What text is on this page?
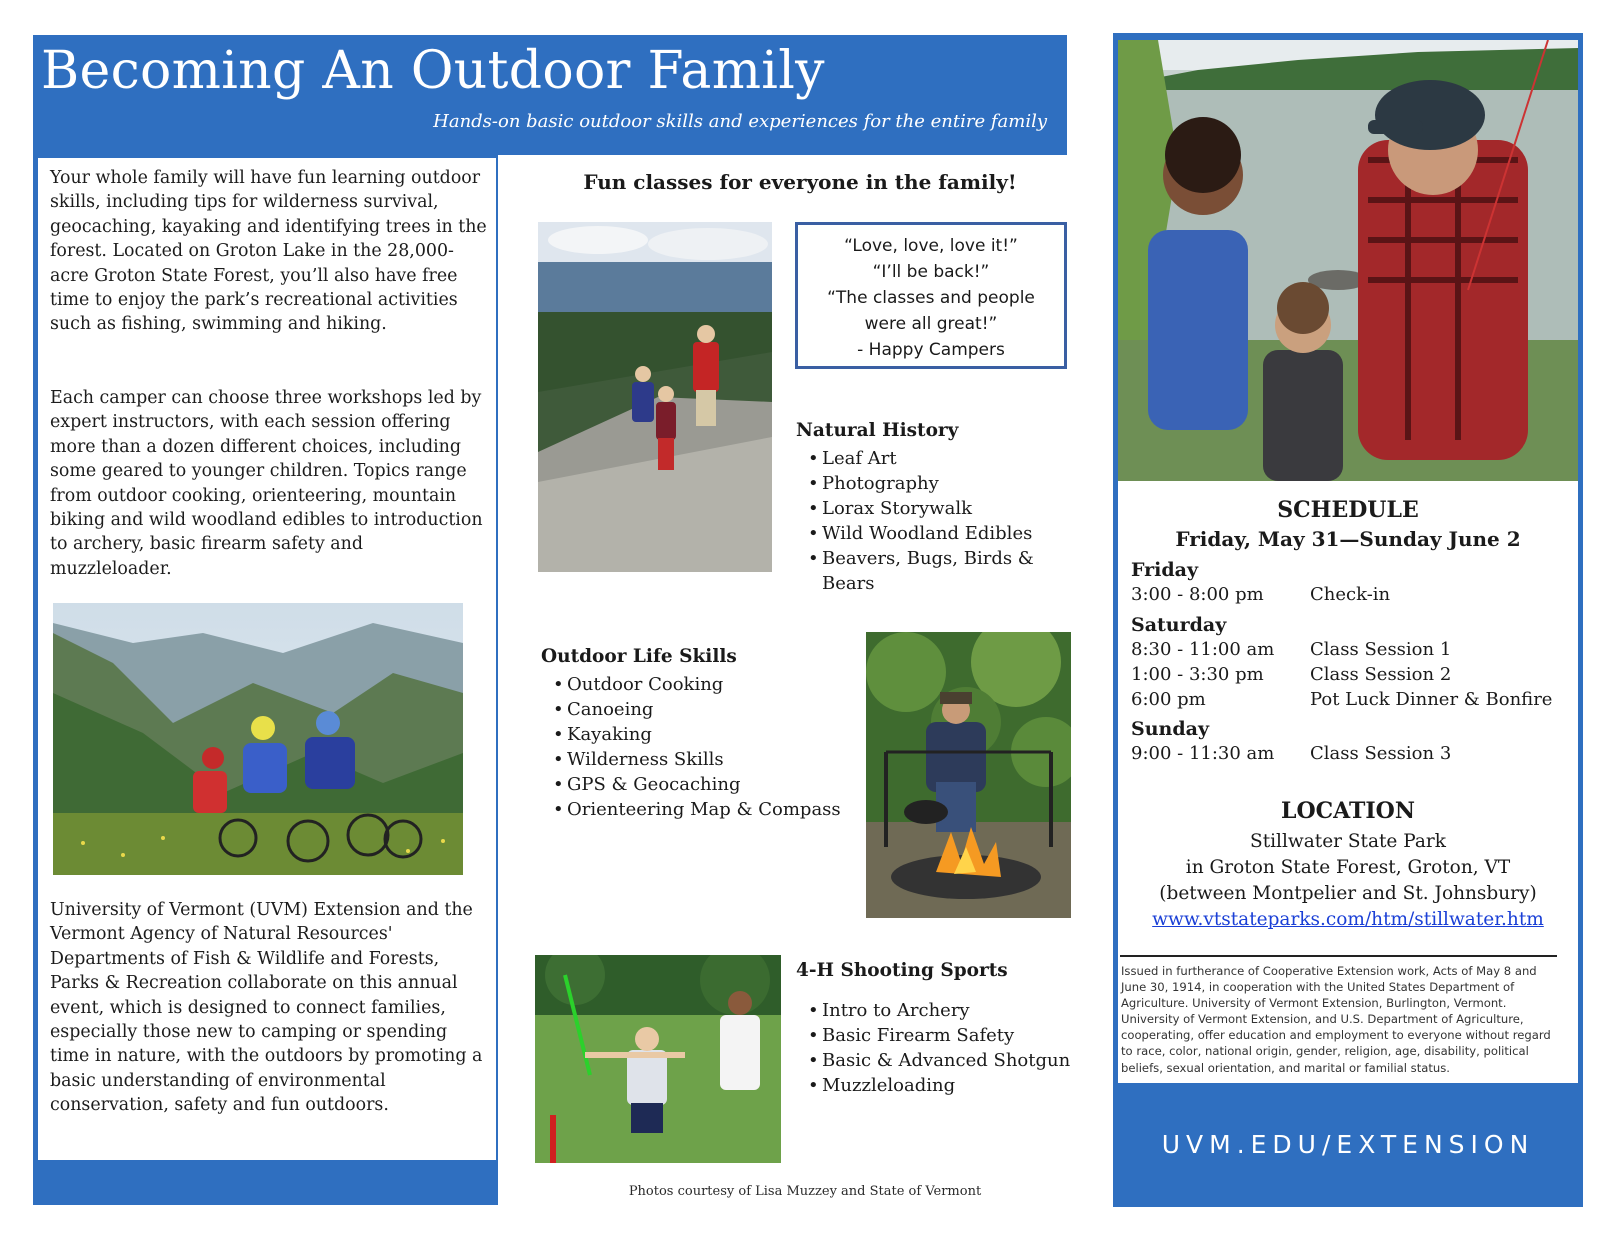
Becoming An Outdoor Family
Hands-on basic outdoor skills and experiences for the entire family
Your whole family will have fun learning outdoor skills, including tips for wilderness survival, geocaching, kayaking and identifying trees in the forest. Located on Groton Lake in the 28,000-acre Groton State Forest, you’ll also have free time to enjoy the park’s recreational activities such as fishing, swimming and hiking.
Each camper can choose three workshops led by expert instructors, with each session offering more than a dozen different choices, including some geared to younger children. Topics range from outdoor cooking, orienteering, mountain biking and wild woodland edibles to introduction to archery, basic firearm safety and muzzleloader.
University of Vermont (UVM) Extension and the Vermont Agency of Natural Resources' Departments of Fish & Wildlife and Forests, Parks & Recreation collaborate on this annual event, which is designed to connect families, especially those new to camping or spending time in nature, with the outdoors by promoting a basic understanding of environmental conservation, safety and fun outdoors.
Fun classes for everyone in the family!
“Love, love, love it!”
“I’ll be back!”
“The classes and people
were all great!”
- Happy Campers
Natural History
• Leaf Art
• Photography
• Lorax Storywalk
• Wild Woodland Edibles
• Beavers, Bugs, Birds & Bears
Outdoor Life Skills
• Outdoor Cooking
• Canoeing
• Kayaking
• Wilderness Skills
• GPS & Geocaching
• Orienteering Map & Compass
4-H Shooting Sports
• Intro to Archery
• Basic Firearm Safety
• Basic & Advanced Shotgun
• Muzzleloading
Photos courtesy of Lisa Muzzey and State of Vermont
SCHEDULE
Friday, May 31—Sunday June 2
Friday
3:00 - 8:00 pm	Check-in
Saturday
8:30 - 11:00 am Class Session 1
1:00 - 3:30 pm	Class Session 2
6:00 pm	Pot Luck Dinner & Bonfire
Sunday
9:00 - 11:30 am Class Session 3
LOCATION
Stillwater State Park
in Groton State Forest, Groton, VT
(between Montpelier and St. Johnsbury)
www.vtstateparks.com/htm/stillwater.htm
Issued in furtherance of Cooperative Extension work, Acts of May 8 and June 30, 1914, in cooperation with the United States Department of Agriculture. University of Vermont Extension, Burlington, Vermont. University of Vermont Extension, and U.S. Department of Agriculture, cooperating, offer education and employment to everyone without regard to race, color, national origin, gender, religion, age, disability, political beliefs, sexual orientation, and marital or familial status.
UVM.EDU/EXTENSION
